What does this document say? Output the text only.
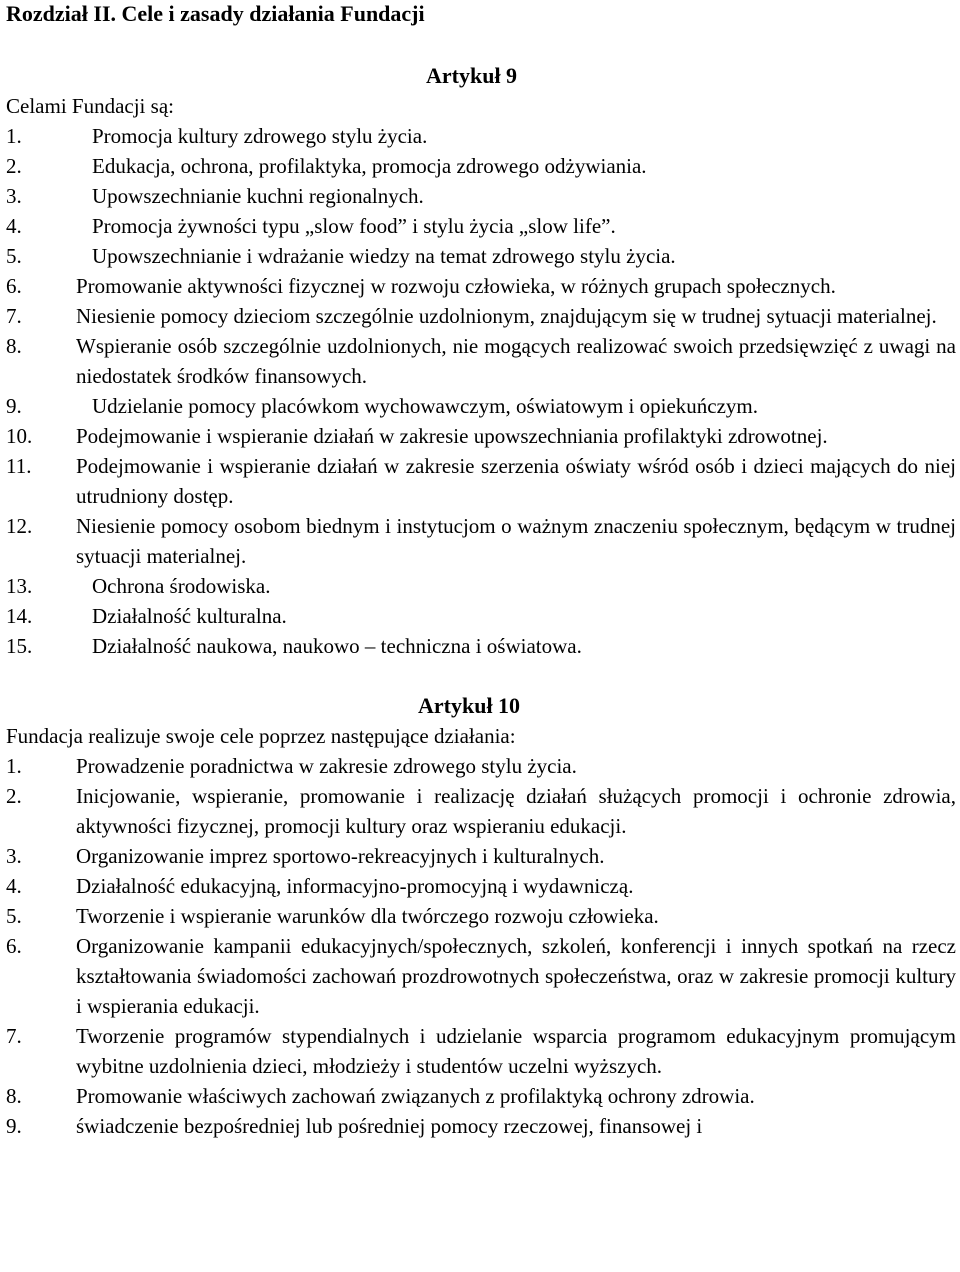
Rozdział II. Cele i zasady działania Fundacji
Artykuł 9

Celami Fundacji są:

1.	Promocja kultury zdrowego stylu życia.
2.	Edukacja, ochrona, profilaktyka, promocja zdrowego odżywiania.
3.	Upowszechnianie kuchni regionalnych.
4.	Promocja żywności typu „slow food” i stylu życia „slow life”.
5.	Upowszechnianie i wdrażanie wiedzy na temat zdrowego stylu życia.
6.	Promowanie aktywności fizycznej w rozwoju człowieka, w różnych grupach społecznych.
7.	Niesienie pomocy dzieciom szczególnie uzdolnionym, znajdującym się w trudnej sytuacji materialnej.
8.	Wspieranie osób szczególnie uzdolnionych, nie mogących realizować swoich przedsięwzięć z uwagi na niedostatek środków finansowych.
9.	Udzielanie pomocy placówkom wychowawczym, oświatowym i opiekuńczym.
10. Podejmowanie i wspieranie działań w zakresie upowszechniania profilaktyki zdrowotnej.
11. Podejmowanie i wspieranie działań w zakresie szerzenia oświaty wśród osób i dzieci mających do niej utrudniony dostęp.
12. Niesienie pomocy osobom biednym i instytucjom o ważnym znaczeniu społecznym, będącym w trudnej sytuacji materialnej.
13.	Ochrona środowiska.
14.	Działalność kulturalna.
15.	Działalność naukowa, naukowo – techniczna i oświatowa.
Artykuł 10

Fundacja realizuje swoje cele poprzez następujące działania:

1.	Prowadzenie poradnictwa w zakresie zdrowego stylu życia.
2.	Inicjowanie, wspieranie, promowanie i realizację działań służących promocji i ochronie zdrowia, aktywności fizycznej, promocji kultury oraz wspieraniu edukacji.
3.	Organizowanie imprez sportowo-rekreacyjnych i kulturalnych.
4.	Działalność edukacyjną, informacyjno-promocyjną i wydawniczą.
5.	Tworzenie i wspieranie warunków dla twórczego rozwoju człowieka.
6.	Organizowanie kampanii edukacyjnych/społecznych, szkoleń, konferencji i innych spotkań na rzecz kształtowania świadomości zachowań prozdrowotnych społeczeństwa, oraz w zakresie promocji kultury i wspierania edukacji.
7.	Tworzenie programów stypendialnych i udzielanie wsparcia programom edukacyjnym promującym wybitne uzdolnienia dzieci, młodzieży i studentów uczelni wyższych.
8.	Promowanie właściwych zachowań związanych z profilaktyką ochrony zdrowia.
9.	świadczenie bezpośredniej lub pośredniej pomocy rzeczowej, finansowej i
